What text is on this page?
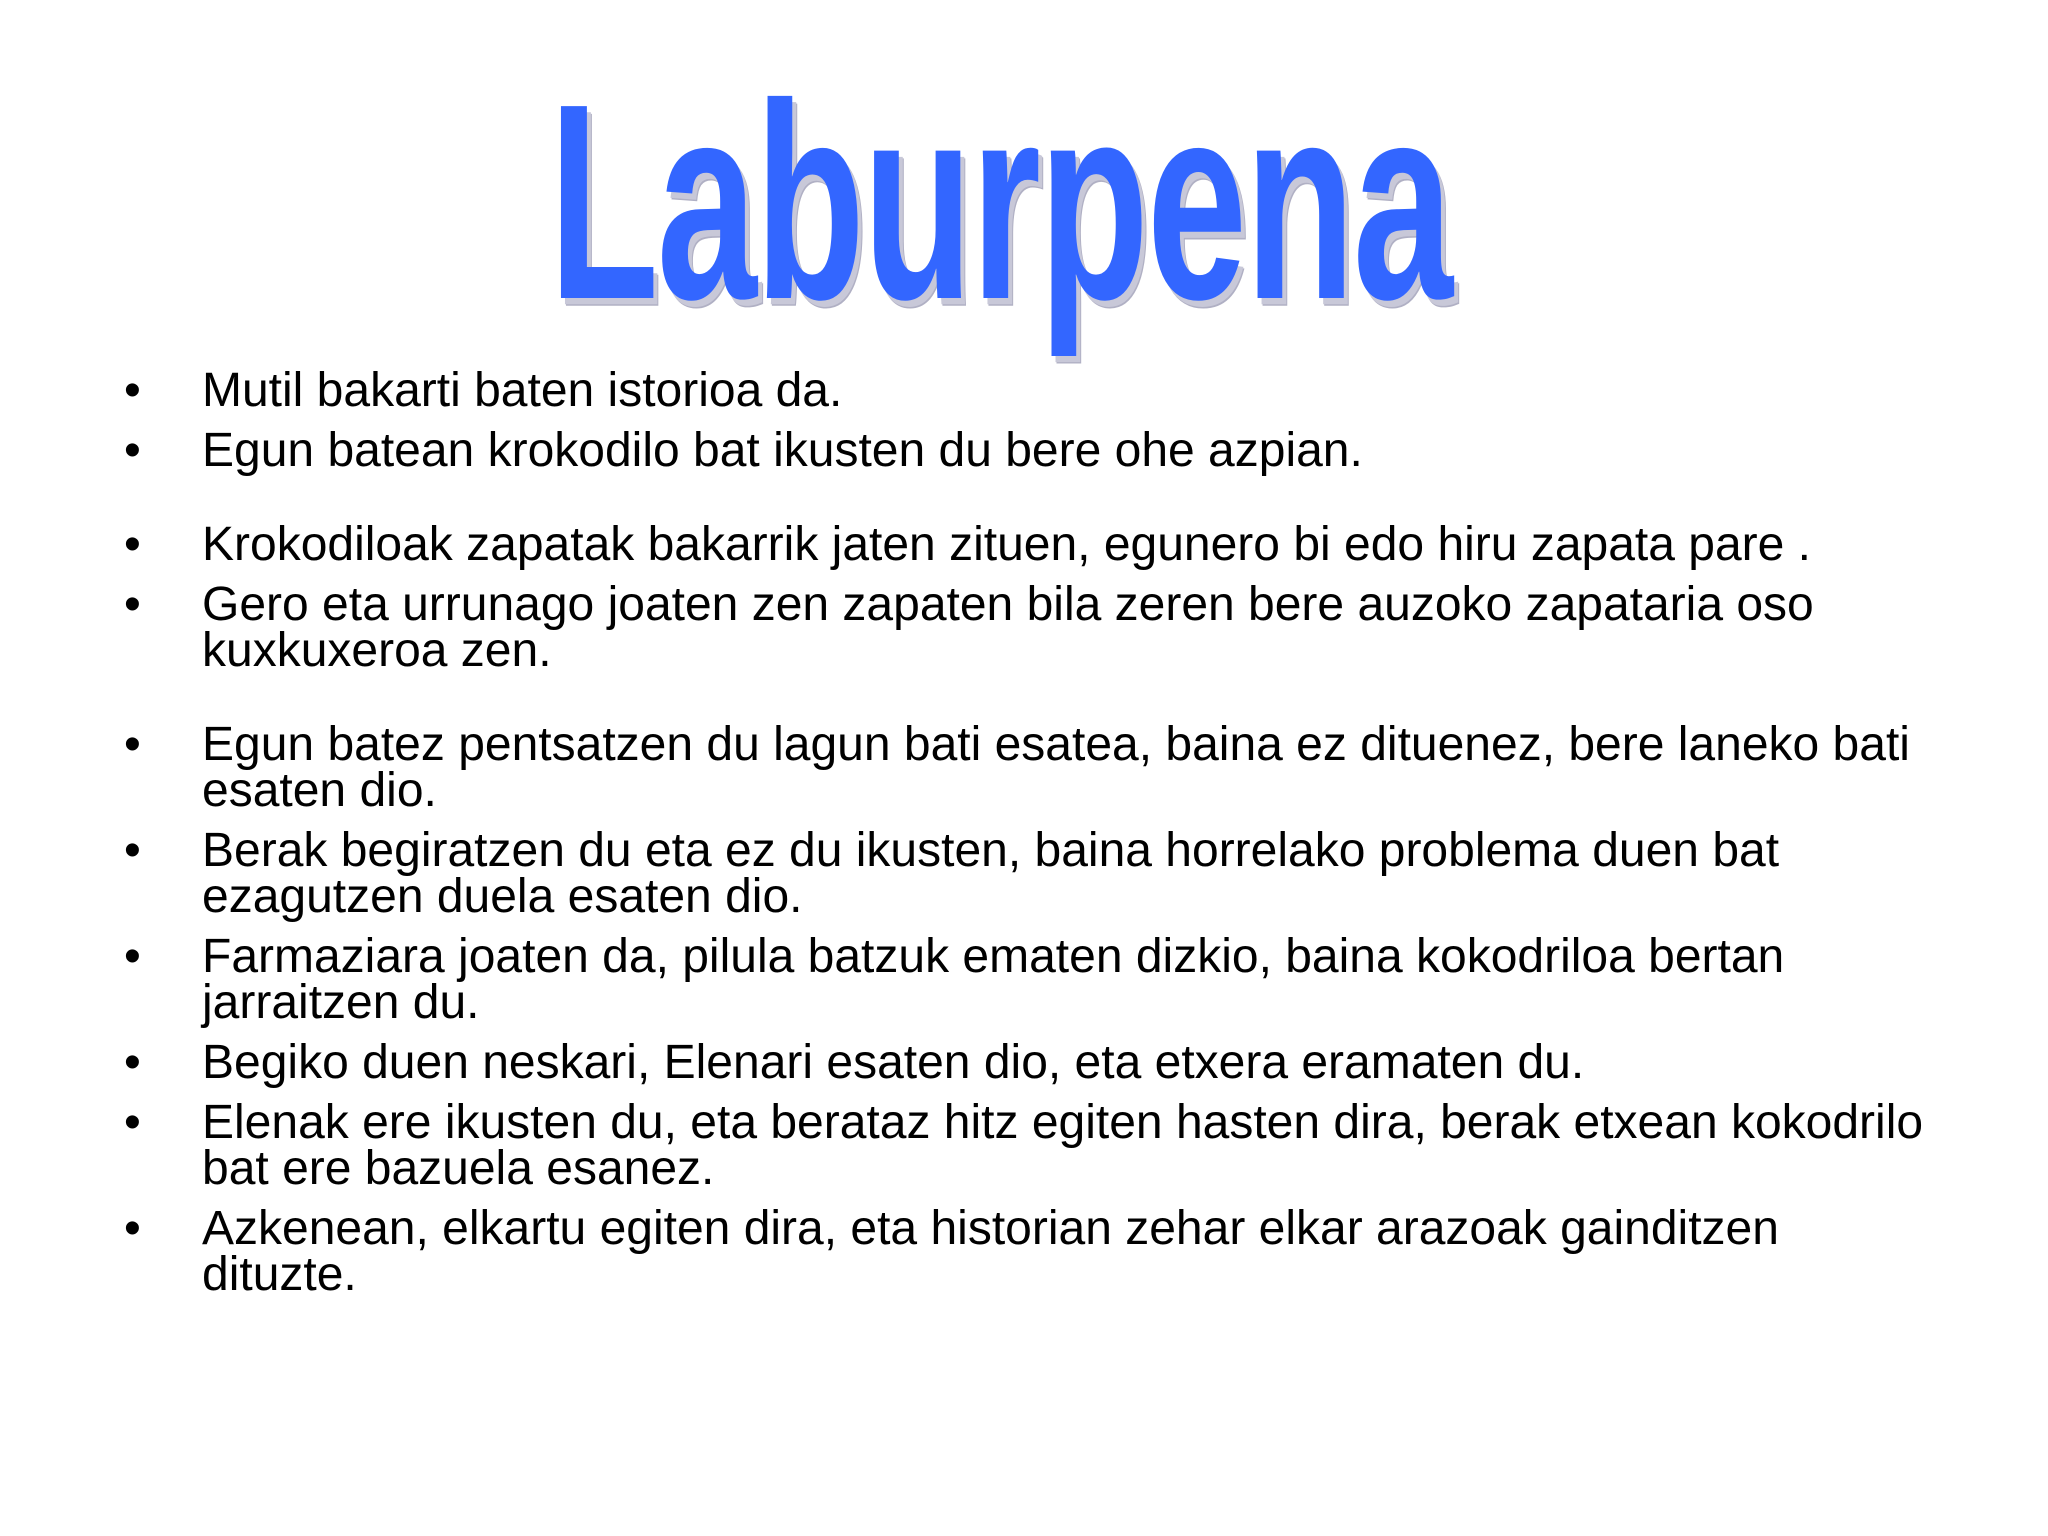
Laburpena
•	Mutil bakarti baten istorioa da.
•	Egun batean krokodilo bat ikusten du bere ohe azpian.
•	Krokodiloak zapatak bakarrik jaten zituen, egunero bi edo hiru zapata pare .
•	Gero eta urrunago joaten zen zapaten bila zeren bere auzoko zapataria oso kuxkuxeroa zen.
•	Egun batez pentsatzen du lagun bati esatea, baina ez dituenez, bere laneko bati esaten dio.
•	Berak begiratzen du eta ez du ikusten, baina horrelako problema duen bat ezagutzen duela esaten dio.
•	Farmaziara joaten da, pilula batzuk ematen dizkio, baina kokodriloa bertan jarraitzen du.
•	Begiko duen neskari, Elenari esaten dio, eta etxera eramaten du.
•	Elenak ere ikusten du, eta berataz hitz egiten hasten dira, berak etxean kokodrilo bat ere bazuela esanez.
•	Azkenean, elkartu egiten dira, eta historian zehar elkar arazoak gainditzen dituzte.
